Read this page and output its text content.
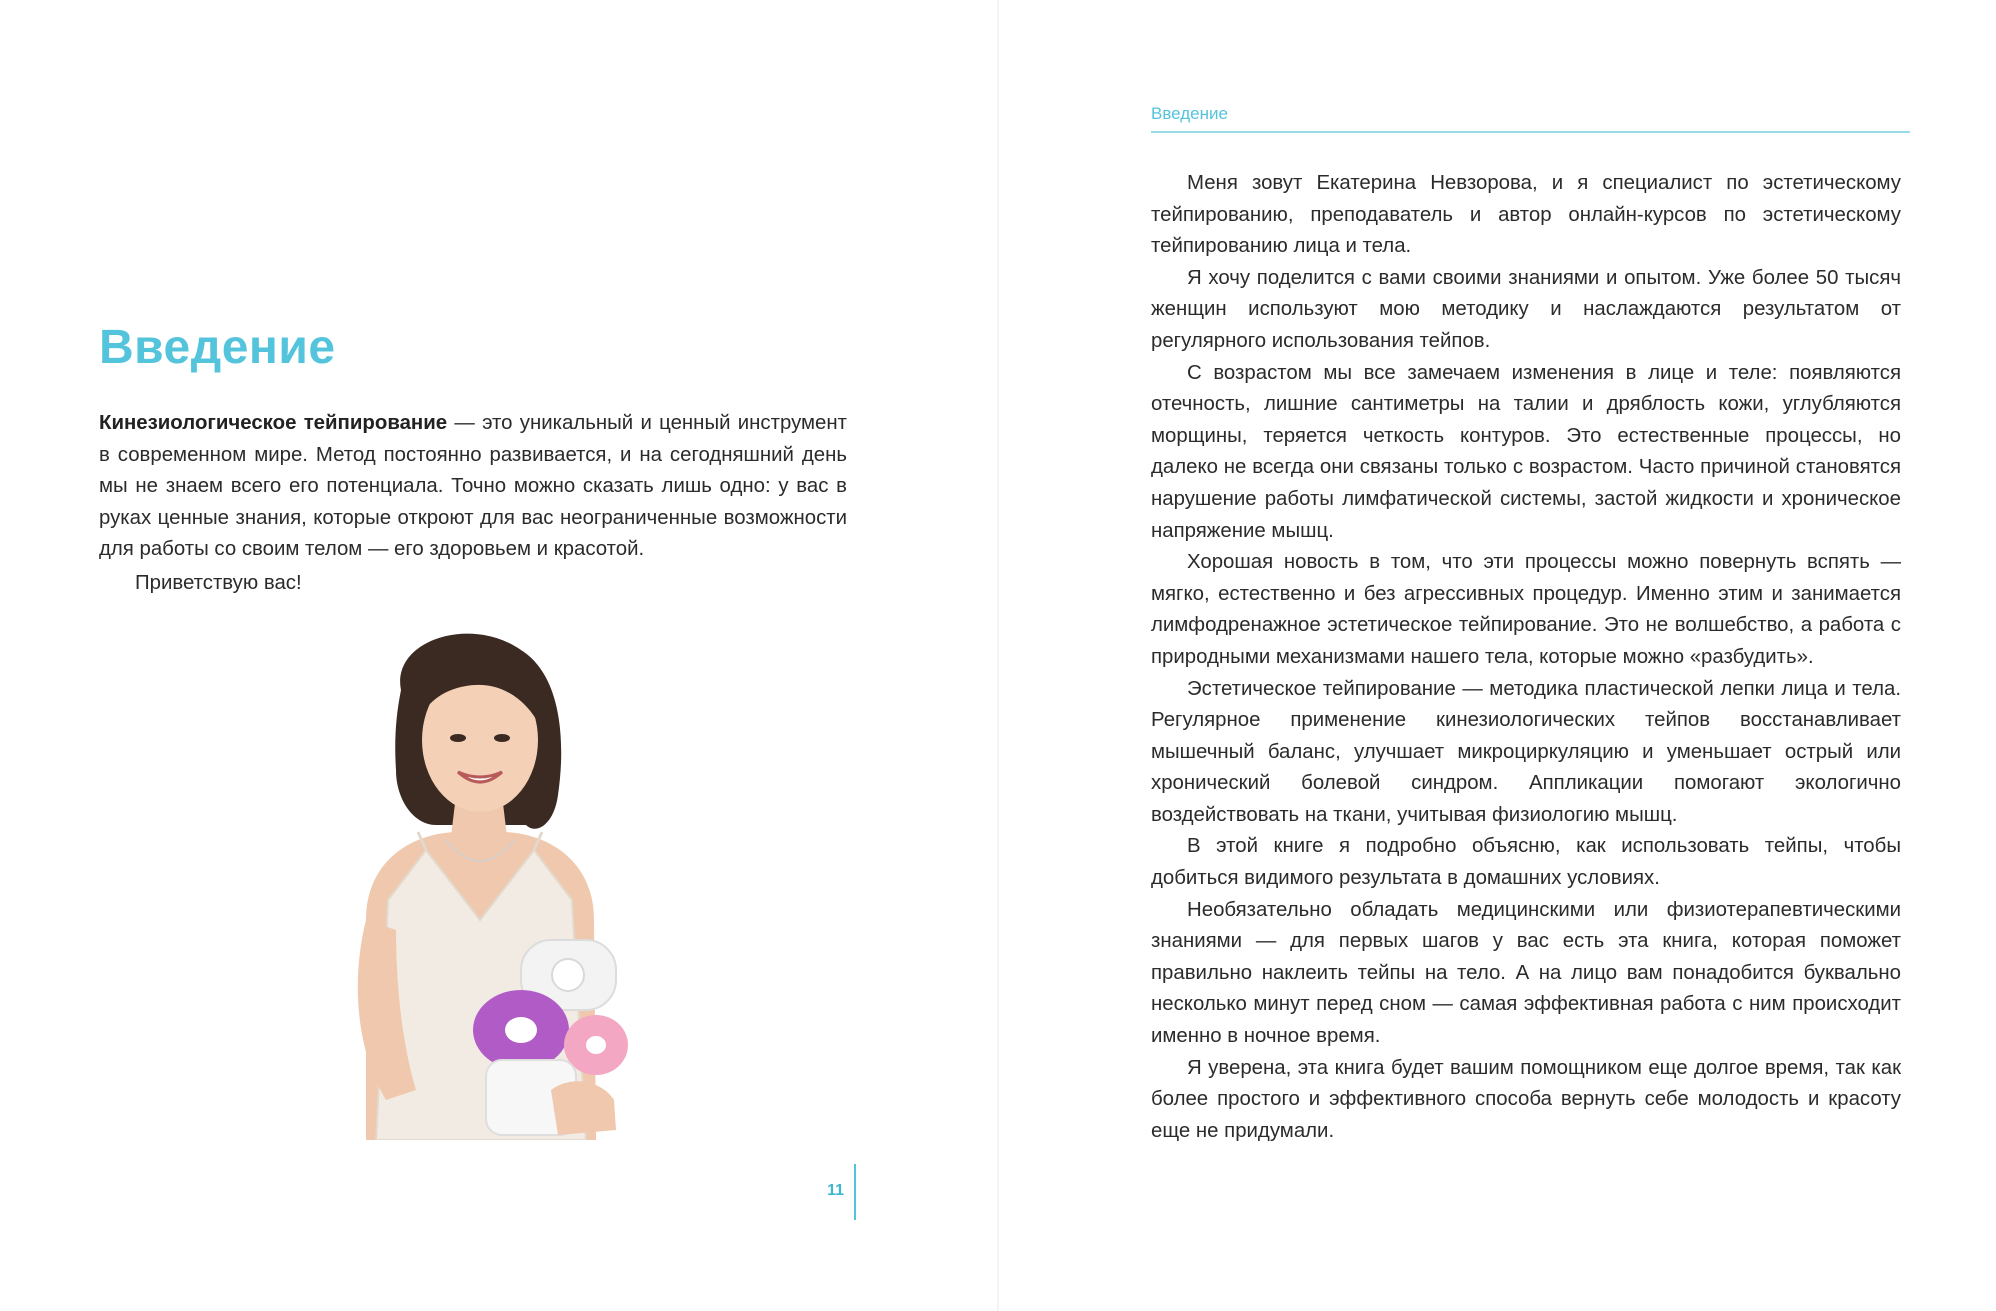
Введение

Кинезиологическое тейпирование — это уникальный и ценный инструмент в современном мире. Метод постоянно развивается, и на сегодняшний день мы не знаем всего его потенциала. Точно можно сказать лишь одно: у вас в руках ценные знания, которые откроют для вас неограниченные возможности для работы со своим телом — его здоровьем и красотой.

Приветствую вас!

11
Введение

Меня зовут Екатерина Невзорова, и я специалист по эстетическому тейпированию, преподаватель и автор онлайн-курсов по эстетическому тейпированию лица и тела.

Я хочу поделится с вами своими знаниями и опытом. Уже более 50 тысяч женщин используют мою методику и наслаждаются результатом от регулярного использования тейпов.

С возрастом мы все замечаем изменения в лице и теле: появляются отечность, лишние сантиметры на талии и дряблость кожи, углубляются морщины, теряется четкость контуров. Это естественные процессы, но далеко не всегда они связаны только с возрастом. Часто причиной становятся нарушение работы лимфатической системы, застой жидкости и хроническое напряжение мышц.

Хорошая новость в том, что эти процессы можно повернуть вспять — мягко, естественно и без агрессивных процедур. Именно этим и занимается лимфодренажное эстетическое тейпирование. Это не волшебство, а работа с природными механизмами нашего тела, которые можно «разбудить».

Эстетическое тейпирование — методика пластической лепки лица и тела. Регулярное применение кинезиологических тейпов восстанавливает мышечный баланс, улучшает микроциркуляцию и уменьшает острый или хронический болевой синдром. Аппликации помогают экологично воздействовать на ткани, учитывая физиологию мышц.

В этой книге я подробно объясню, как использовать тейпы, чтобы добиться видимого результата в домашних условиях.

Необязательно обладать медицинскими или физиотерапевтическими знаниями — для первых шагов у вас есть эта книга, которая поможет правильно наклеить тейпы на тело. А на лицо вам понадобится буквально несколько минут перед сном — самая эффективная работа с ним происходит именно в ночное время.

Я уверена, эта книга будет вашим помощником еще долгое время, так как более простого и эффективного способа вернуть себе молодость и красоту еще не придумали.
